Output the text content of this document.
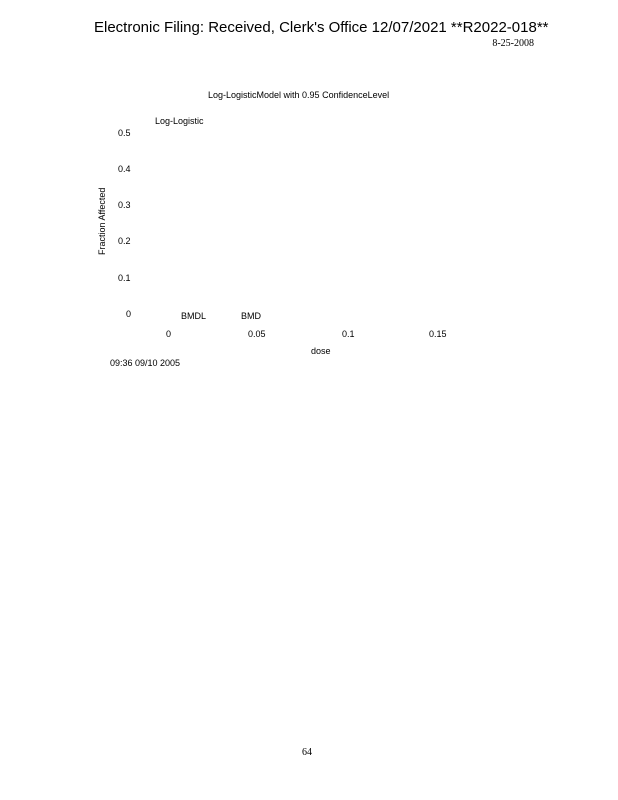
Electronic Filing: Received, Clerk's Office 12/07/2021 **R2022-018**
8-25-2008
Log-LogisticModel with 0.95 ConfidenceLevel
Log-Logistic
0.5
0.4
0.3
0.2
0.1
0
Fraction Affected
BMDL	BMD
0	0.05	0.1	0.15
dose
09:36 09/10 2005
64
